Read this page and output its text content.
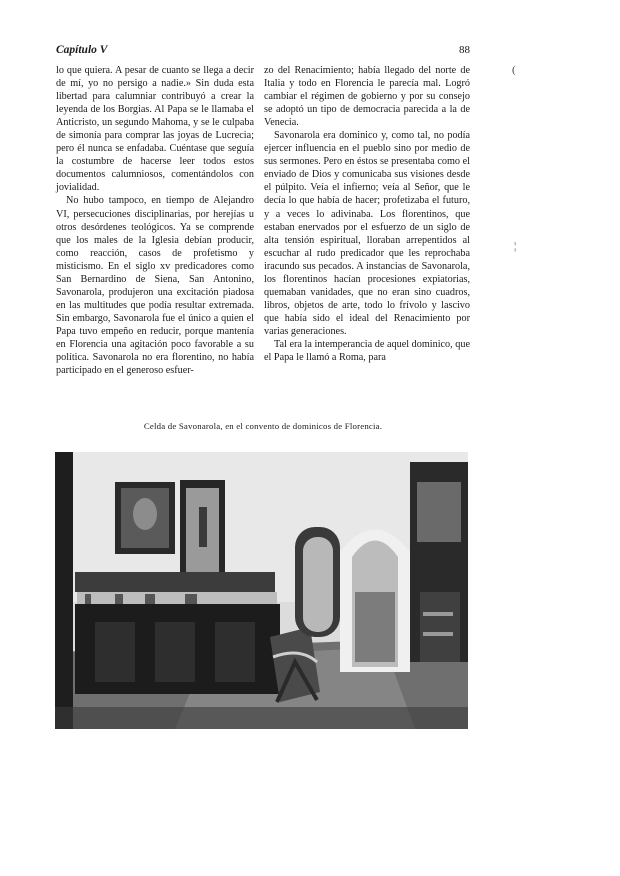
Capítulo V	88

lo que quiera. A pesar de cuanto se llega a decir de mí, yo no persigo a nadie.» Sin duda esta libertad para calumniar contribuyó a crear la leyenda de los Borgias. Al Papa se le llamaba el Anticristo, un segundo Mahoma, y se le culpaba de simonía para comprar las joyas de Lucrecia; pero él nunca se enfadaba. Cuéntase que seguía la costumbre de hacerse leer todos estos documentos calumniosos, comentándolos con jovialidad.

No hubo tampoco, en tiempo de Alejandro VI, persecuciones disciplinarias, por herejías u otros desórdenes teológicos. Ya se comprende que los males de la Iglesia debían producir, como reacción, casos de profetismo y misticismo. En el siglo xv predicadores como San Bernardino de Siena, San Antonino, Savonarola, produjeron una excitación piadosa en las multitudes que podía resultar extremada. Sin embargo, Savonarola fue el único a quien el Papa tuvo empeño en reducir, porque mantenía en Florencia una agitación poco favorable a su política. Savonarola no era florentino, no había participado en el generoso esfuer-

zo del Renacimiento; había llegado del norte de Italia y todo en Florencia le parecía mal. Logró cambiar el régimen de gobierno y por su consejo se adoptó un tipo de democracia parecida a la de Venecia.

Savonarola era dominico y, como tal, no podía ejercer influencia en el pueblo sino por medio de sus sermones. Pero en éstos se presentaba como el enviado de Dios y comunicaba sus visiones desde el púlpito. Veía el infierno; veía al Señor, que le decía lo que había de hacer; profetizaba el futuro, y a veces lo adivinaba. Los florentinos, que estaban enervados por el esfuerzo de un siglo de alta tensión espiritual, lloraban arrepentidos al escuchar al rudo predicador que les reprochaba iracundo sus pecados. A instancias de Savonarola, los florentinos hacían procesiones expiatorias, quemaban vanidades, que no eran sino cuadros, libros, objetos de arte, todo lo frívolo y lascivo que había sido el ideal del Renacimiento por varias generaciones.

Tal era la intemperancia de aquel dominico, que el Papa le llamó a Roma, para

Celda de Savonarola, en el convento de dominicos de Florencia.
(
¦
